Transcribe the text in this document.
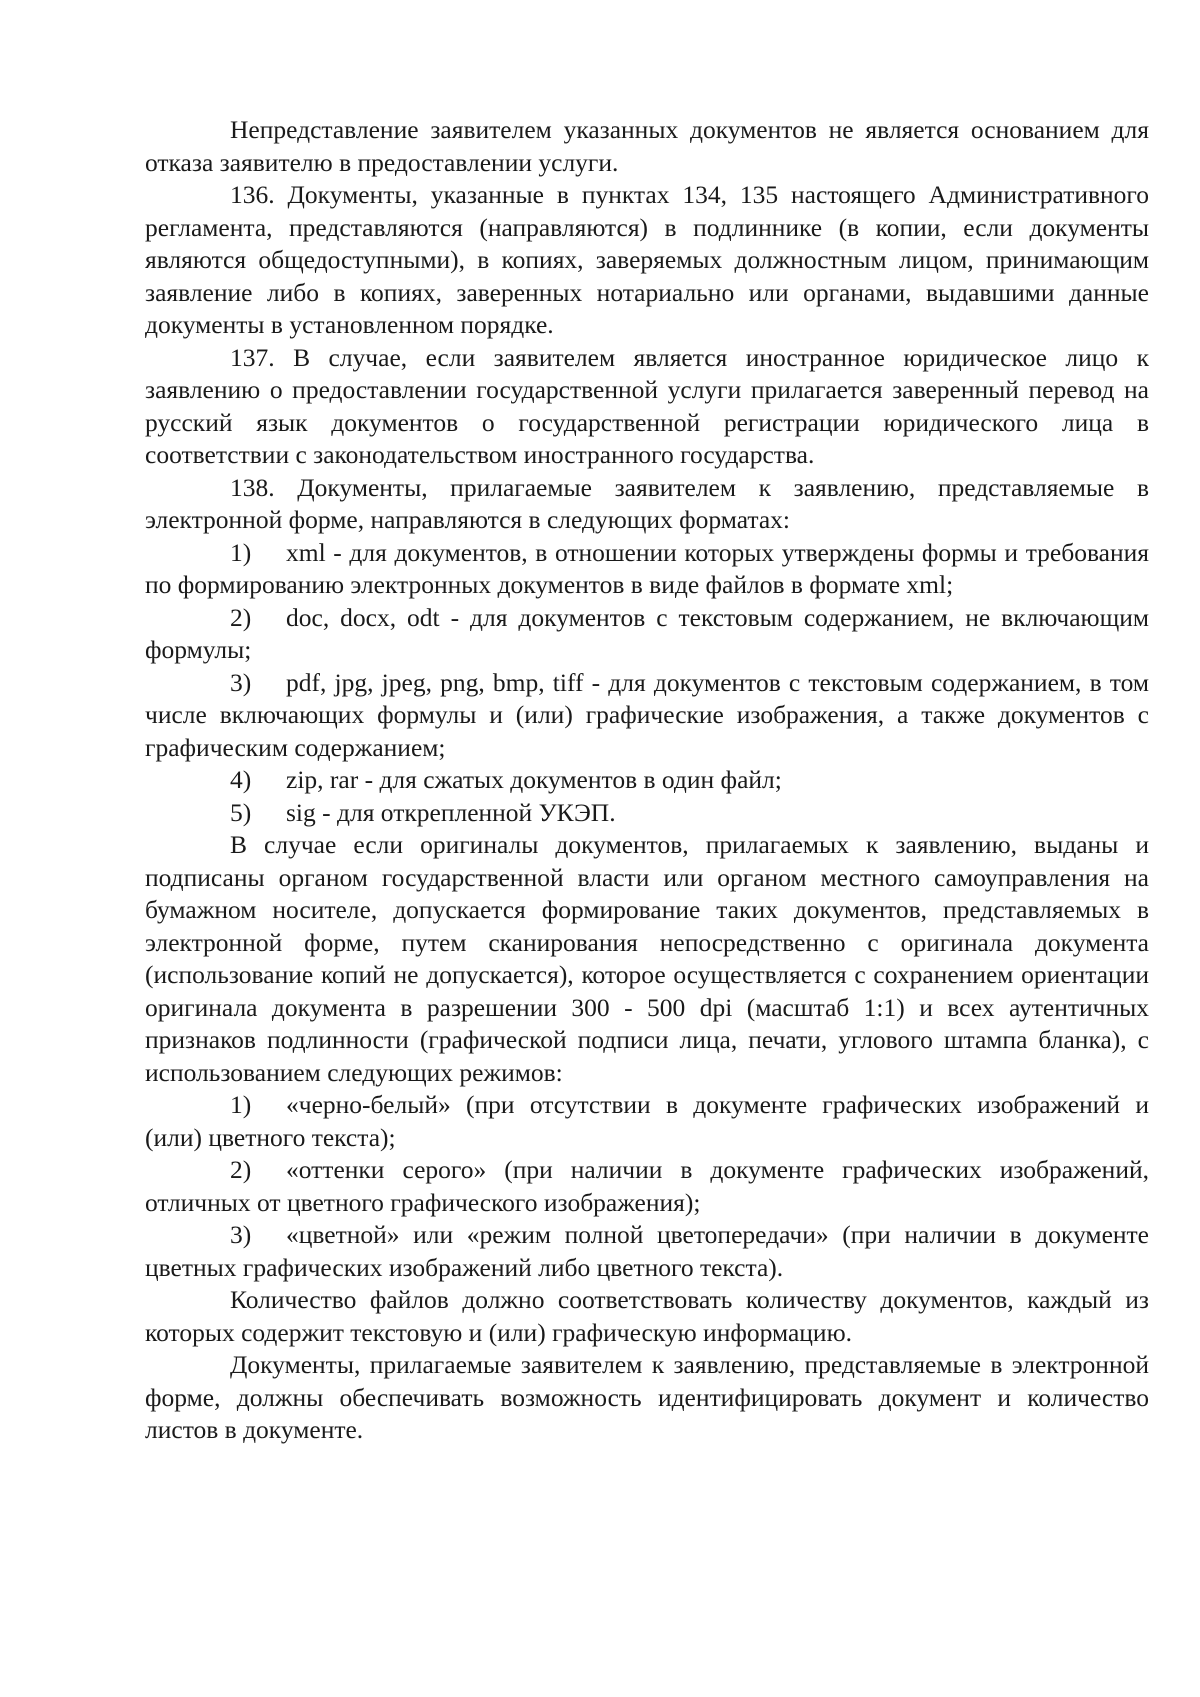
Непредставление заявителем указанных документов не является основанием для отказа заявителю в предоставлении услуги.

136. Документы, указанные в пунктах 134, 135 настоящего Административного регламента, представляются (направляются) в подлиннике (в копии, если документы являются общедоступными), в копиях, заверяемых должностным лицом, принимающим заявление либо в копиях, заверенных нотариально или органами, выдавшими данные документы в установленном порядке.

137. В случае, если заявителем является иностранное юридическое лицо к заявлению о предоставлении государственной услуги прилагается заверенный перевод на русский язык документов о государственной регистрации юридического лица в соответствии с законодательством иностранного государства.

138. Документы, прилагаемые заявителем к заявлению, представляемые в электронной форме, направляются в следующих форматах:

1) xml - для документов, в отношении которых утверждены формы и требования по формированию электронных документов в виде файлов в формате xml;

2) doc, docx, odt - для документов с текстовым содержанием, не включающим формулы;

3) pdf, jpg, jpeg, png, bmp, tiff - для документов с текстовым содержанием, в том числе включающих формулы и (или) графические изображения, а также документов с графическим содержанием;

4) zip, rar - для сжатых документов в один файл;

5) sig - для открепленной УКЭП.

В случае если оригиналы документов, прилагаемых к заявлению, выданы и подписаны органом государственной власти или органом местного самоуправления на бумажном носителе, допускается формирование таких документов, представляемых в электронной форме, путем сканирования непосредственно с оригинала документа (использование копий не допускается), которое осуществляется с сохранением ориентации оригинала документа в разрешении 300 - 500 dpi (масштаб 1:1) и всех аутентичных признаков подлинности (графической подписи лица, печати, углового штампа бланка), с использованием следующих режимов:

1) «черно-белый» (при отсутствии в документе графических изображений и (или) цветного текста);

2) «оттенки серого» (при наличии в документе графических изображений, отличных от цветного графического изображения);

3) «цветной» или «режим полной цветопередачи» (при наличии в документе цветных графических изображений либо цветного текста).

Количество файлов должно соответствовать количеству документов, каждый из которых содержит текстовую и (или) графическую информацию.

Документы, прилагаемые заявителем к заявлению, представляемые в электронной форме, должны обеспечивать возможность идентифицировать документ и количество листов в документе.
